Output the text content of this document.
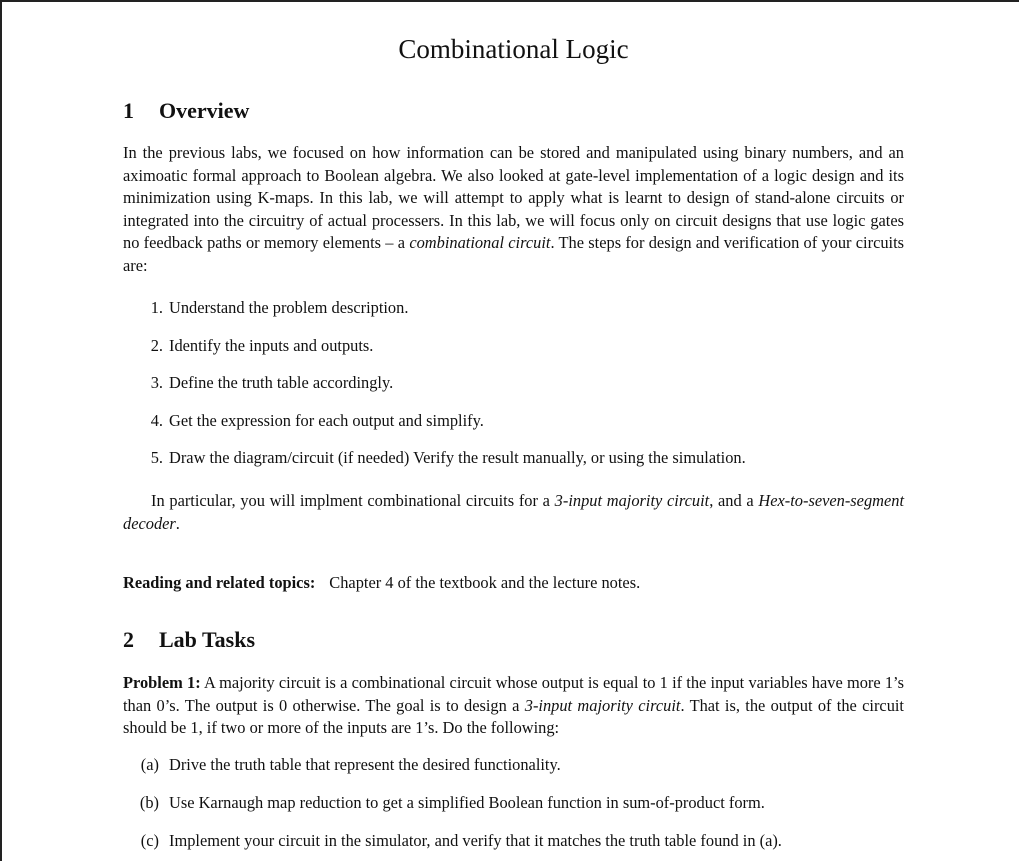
Combinational Logic
1 Overview

In the previous labs, we focused on how information can be stored and manipulated using binary numbers, and an aximoatic formal approach to Boolean algebra. We also looked at gate-level implementation of a logic design and its minimization using K-maps. In this lab, we will attempt to apply what is learnt to design of stand-alone circuits or integrated into the circuitry of actual processers. In this lab, we will focus only on circuit designs that use logic gates no feedback paths or memory elements – a combinational circuit. The steps for design and verification of your circuits are:

1. Understand the problem description.
2. Identify the inputs and outputs.
3. Define the truth table accordingly.
4. Get the expression for each output and simplify.
5. Draw the diagram/circuit (if needed) Verify the result manually, or using the simulation.

In particular, you will implment combinational circuits for a 3-input majority circuit, and a Hex-to-seven-segment decoder.

Reading and related topics: Chapter 4 of the textbook and the lecture notes.

2 Lab Tasks

Problem 1: A majority circuit is a combinational circuit whose output is equal to 1 if the input variables have more 1’s than 0’s. The output is 0 otherwise. The goal is to design a 3-input majority circuit. That is, the output of the circuit should be 1, if two or more of the inputs are 1’s. Do the following:

(a) Drive the truth table that represent the desired functionality.
(b) Use Karnaugh map reduction to get a simplified Boolean function in sum-of-product form.
(c) Implement your circuit in the simulator, and verify that it matches the truth table found in (a).
